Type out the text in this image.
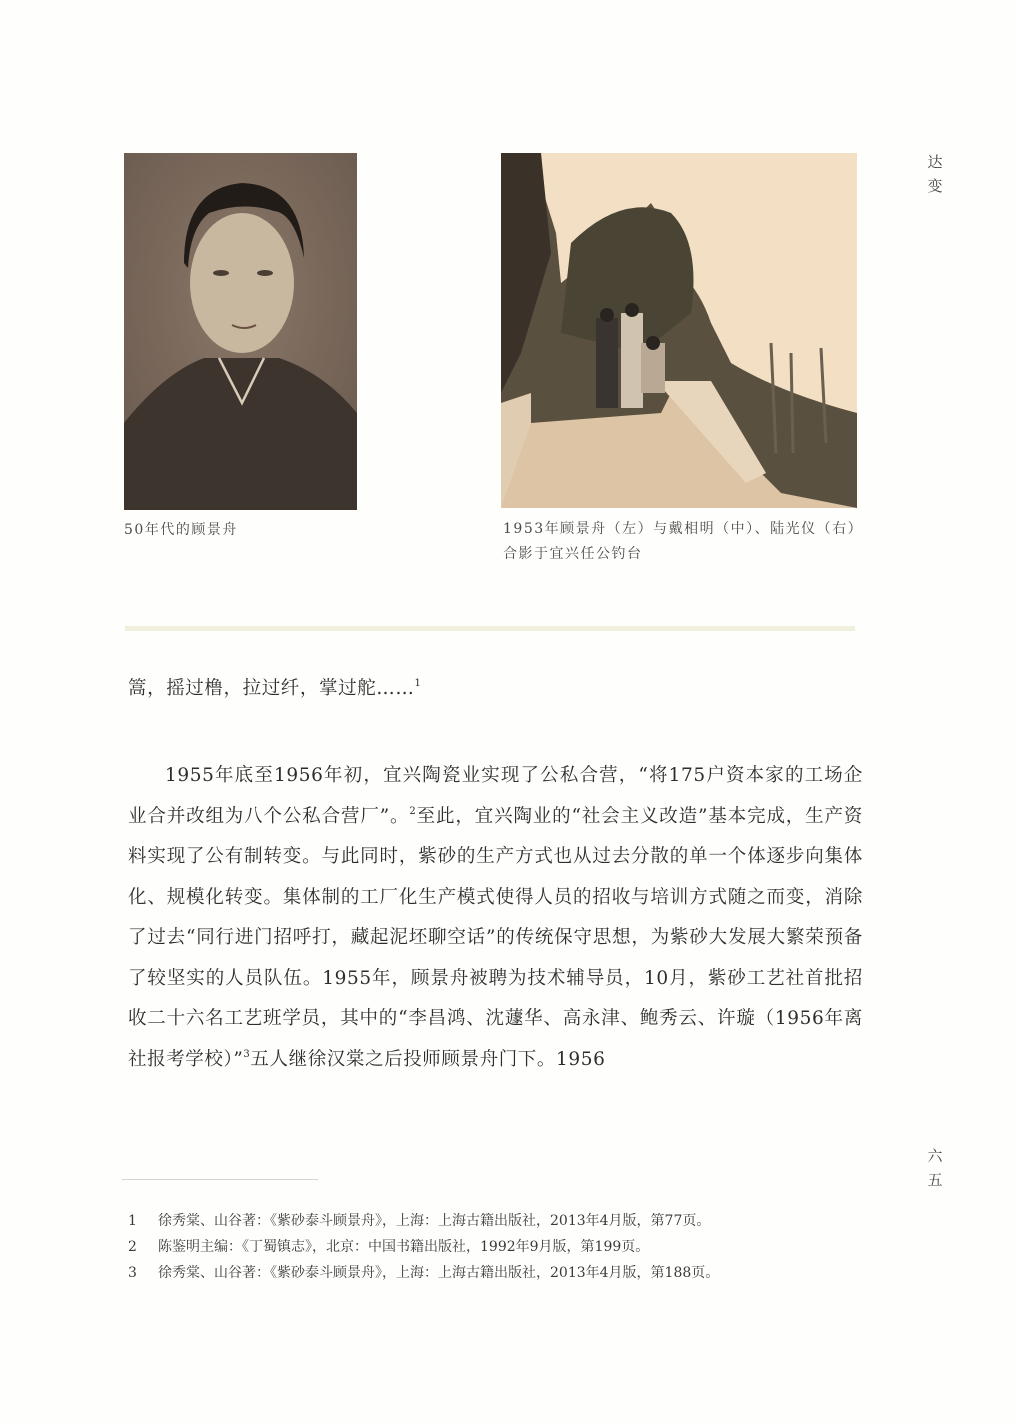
达变
50年代的顾景舟	1953年顾景舟（左）与戴相明（中）、陆光仪（右）合影于宜兴任公钓台
篙，摇过橹，拉过纤，掌过舵……$^1$
1955年底至1956年初，宜兴陶瓷业实现了公私合营，“将175户资本家的工场企业合并改组为八个公私合营厂”。$^2$至此，宜兴陶业的“社会主义改造”基本完成，生产资料实现了公有制转变。与此同时，紫砂的生产方式也从过去分散的单一个体逐步向集体化、规模化转变。集体制的工厂化生产模式使得人员的招收与培训方式随之而变，消除了过去“同行进门招呼打，藏起泥坯聊空话”的传统保守思想，为紫砂大发展大繁荣预备了较坚实的人员队伍。1955年，顾景舟被聘为技术辅导员，10月，紫砂工艺社首批招收二十六名工艺班学员，其中的“李昌鸿、沈蘧华、高永津、鲍秀云、许璇（1956年离社报考学校）”$^3$五人继徐汉棠之后投师顾景舟门下。1956
六五
1	徐秀棠、山谷著：《紫砂泰斗顾景舟》，上海：上海古籍出版社，2013年4月版，第77页。
2	陈鉴明主编：《丁蜀镇志》，北京：中国书籍出版社，1992年9月版，第199页。
3	徐秀棠、山谷著：《紫砂泰斗顾景舟》，上海：上海古籍出版社，2013年4月版，第188页。
